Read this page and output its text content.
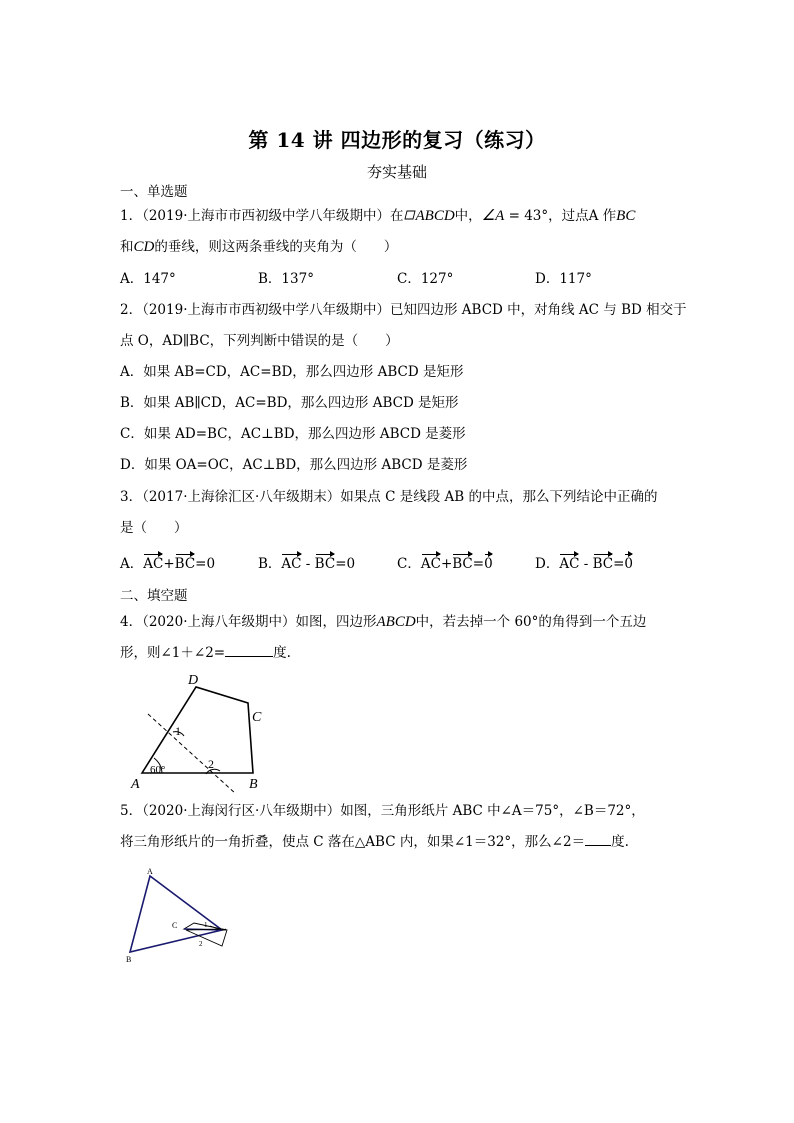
第 14 讲 四边形的复习（练习）
夯实基础
一、单选题
1．（2019·上海市市西初级中学八年级期中）在 ABCD中，∠A = 43°，过点A 作BC
和CD的垂线，则这两条垂线的夹角为（　　）
A．147°	B．137°	C．127°	D．117°
2．（2019·上海市市西初级中学八年级期中）已知四边形 ABCD 中，对角线 AC 与 BD 相交于
点 O，AD∥BC，下列判断中错误的是（　　）
A．如果 AB=CD，AC=BD，那么四边形 ABCD 是矩形
B．如果 AB∥CD，AC=BD，那么四边形 ABCD 是矩形
C．如果 AD=BC，AC⊥BD，那么四边形 ABCD 是菱形
D．如果 OA=OC，AC⊥BD，那么四边形 ABCD 是菱形
3．（2017·上海徐汇区·八年级期末）如果点 C 是线段 AB 的中点，那么下列结论中正确的
是（　　）
A．AC+BC=0	B．AC - BC=0	C．AC+BC=0	D．AC - BC=0
二、填空题
4．（2020·上海八年级期中）如图，四边形ABCD中，若去掉一个 60°的角得到一个五边
形，则∠1＋∠2=	度.
D
C
A	B
1
2
60°
5．（2020·上海闵行区·八年级期中）如图，三角形纸片 ABC 中∠A＝75°，∠B＝72°，
将三角形纸片的一角折叠，使点 C 落在△ABC 内，如果∠1＝32°，那么∠2＝ 度.
A
B
C	1
2
